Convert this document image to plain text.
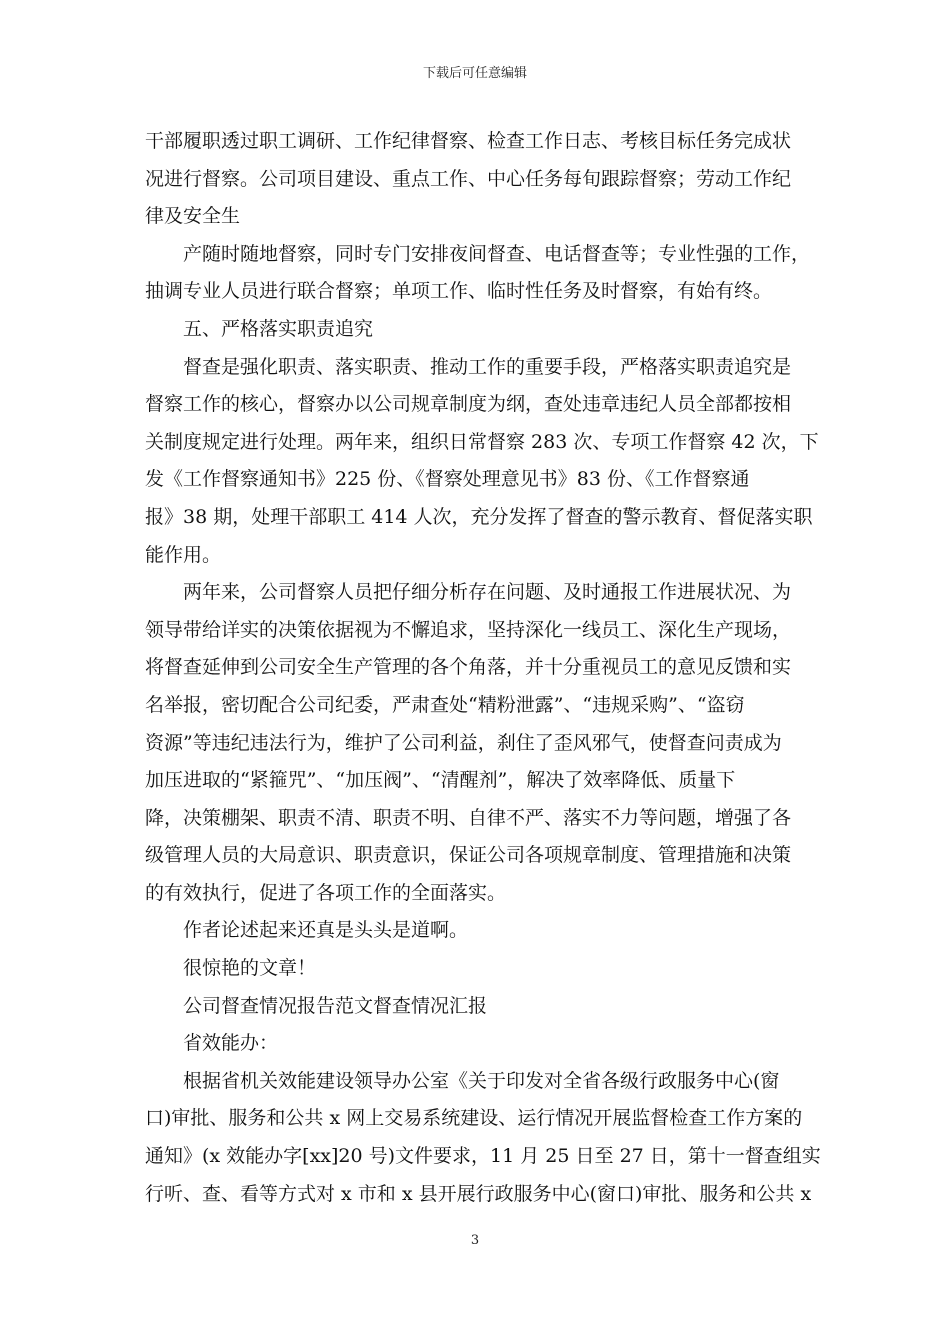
下载后可任意编辑
干部履职透过职工调研、工作纪律督察、检查工作日志、考核目标任务完成状
况进行督察。公司项目建设、重点工作、中心任务每旬跟踪督察；劳动工作纪
律及安全生
产随时随地督察，同时专门安排夜间督查、电话督查等；专业性强的工作，
抽调专业人员进行联合督察；单项工作、临时性任务及时督察，有始有终。
五、严格落实职责追究
督查是强化职责、落实职责、推动工作的重要手段，严格落实职责追究是
督察工作的核心，督察办以公司规章制度为纲，查处违章违纪人员全部都按相
关制度规定进行处理。两年来，组织日常督察 283 次、专项工作督察 42 次，下
发《工作督察通知书》225 份、《督察处理意见书》83 份、《工作督察通
报》38 期，处理干部职工 414 人次，充分发挥了督查的警示教育、督促落实职
能作用。
两年来，公司督察人员把仔细分析存在问题、及时通报工作进展状况、为
领导带给详实的决策依据视为不懈追求，坚持深化一线员工、深化生产现场，
将督查延伸到公司安全生产管理的各个角落，并十分重视员工的意见反馈和实
名举报，密切配合公司纪委，严肃查处“精粉泄露”、“违规采购”、“盗窃
资源”等违纪违法行为，维护了公司利益，刹住了歪风邪气，使督查问责成为
加压进取的“紧箍咒”、“加压阀”、“清醒剂”，解决了效率降低、质量下
降，决策棚架、职责不清、职责不明、自律不严、落实不力等问题，增强了各
级管理人员的大局意识、职责意识，保证公司各项规章制度、管理措施和决策
的有效执行，促进了各项工作的全面落实。
作者论述起来还真是头头是道啊。
很惊艳的文章！
公司督查情况报告范文督查情况汇报
省效能办：
根据省机关效能建设领导办公室《关于印发对全省各级行政服务中心(窗
口)审批、服务和公共 x 网上交易系统建设、运行情况开展监督检查工作方案的
通知》(x 效能办字[xx]20 号)文件要求，11 月 25 日至 27 日，第十一督查组实
行听、查、看等方式对 x 市和 x 县开展行政服务中心(窗口)审批、服务和公共 x
3
